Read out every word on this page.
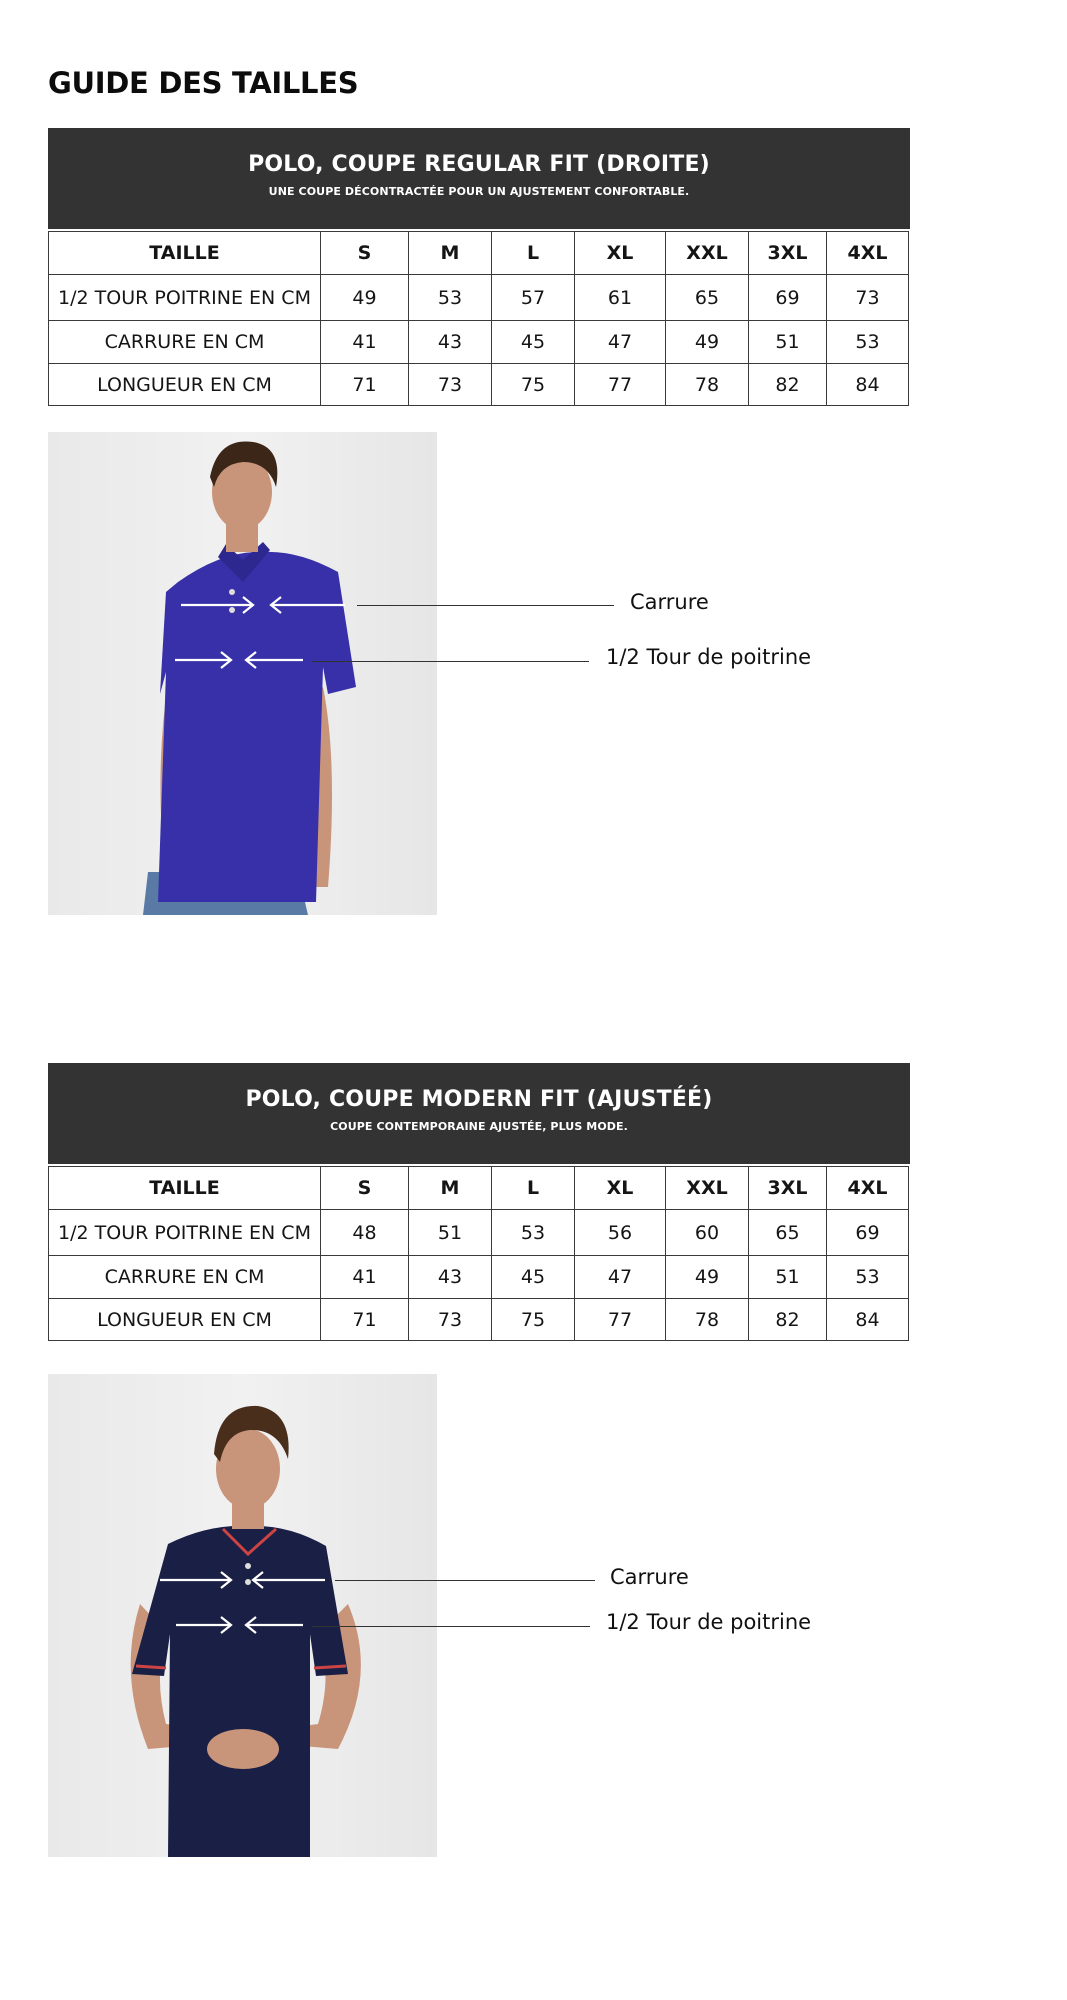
GUIDE DES TAILLES
POLO, COUPE REGULAR FIT (DROITE)
UNE COUPE DÉCONTRACTÉE POUR UN AJUSTEMENT CONFORTABLE.
TAILLE	S	M	L	XL	XXL	3XL	4XL
1/2 TOUR POITRINE EN CM	49	53	57	61	65	69	73
CARRURE EN CM	41	43	45	47	49	51	53
LONGUEUR EN CM	71	73	75	77	78	82	84
Carrure
1/2 Tour de poitrine
POLO, COUPE MODERN FIT (AJUSTÉÉ)
COUPE CONTEMPORAINE AJUSTÉE, PLUS MODE.
TAILLE	S	M	L	XL	XXL	3XL	4XL
1/2 TOUR POITRINE EN CM	48	51	53	56	60	65	69
CARRURE EN CM	41	43	45	47	49	51	53
LONGUEUR EN CM	71	73	75	77	78	82	84
Carrure
1/2 Tour de poitrine
